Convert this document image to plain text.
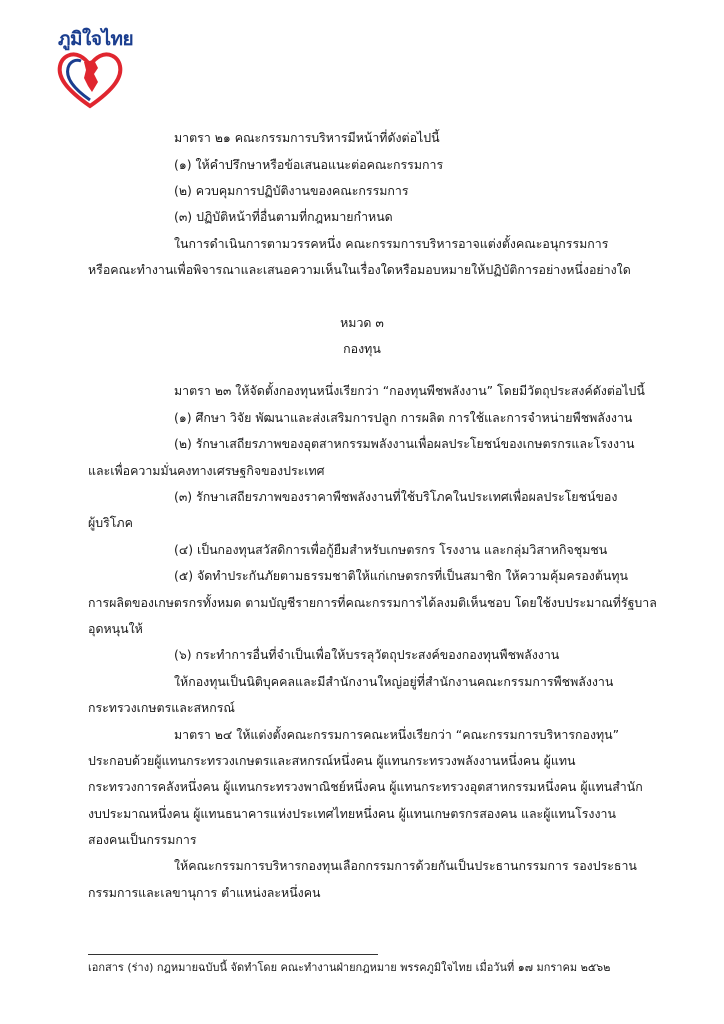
ภูมิใจไทย
มาตรา ๒๑ คณะกรรมการบริหารมีหน้าที่ดังต่อไปนี้
(๑) ให้คำปรึกษาหรือข้อเสนอแนะต่อคณะกรรมการ
(๒) ควบคุมการปฏิบัติงานของคณะกรรมการ
(๓) ปฏิบัติหน้าที่อื่นตามที่กฎหมายกำหนด
ในการดำเนินการตามวรรคหนึ่ง คณะกรรมการบริหารอาจแต่งตั้งคณะอนุกรรมการ
หรือคณะทำงานเพื่อพิจารณาและเสนอความเห็นในเรื่องใดหรือมอบหมายให้ปฏิบัติการอย่างหนึ่งอย่างใด
หมวด ๓
กองทุน
มาตรา ๒๓ ให้จัดตั้งกองทุนหนึ่งเรียกว่า “กองทุนพืชพลังงาน” โดยมีวัตถุประสงค์ดังต่อไปนี้
(๑) ศึกษา วิจัย พัฒนาและส่งเสริมการปลูก การผลิต การใช้และการจำหน่ายพืชพลังงาน
(๒) รักษาเสถียรภาพของอุตสาหกรรมพลังงานเพื่อผลประโยชน์ของเกษตรกรและโรงงาน
และเพื่อความมั่นคงทางเศรษฐกิจของประเทศ
(๓) รักษาเสถียรภาพของราคาพืชพลังงานที่ใช้บริโภคในประเทศเพื่อผลประโยชน์ของ
ผู้บริโภค
(๔) เป็นกองทุนสวัสดิการเพื่อกู้ยืมสำหรับเกษตรกร โรงงาน และกลุ่มวิสาหกิจชุมชน
(๕) จัดทำประกันภัยตามธรรมชาติให้แก่เกษตรกรที่เป็นสมาชิก ให้ความคุ้มครองต้นทุน
การผลิตของเกษตรกรทั้งหมด ตามบัญชีรายการที่คณะกรรมการได้ลงมติเห็นชอบ โดยใช้งบประมาณที่รัฐบาล
อุดหนุนให้
(๖) กระทำการอื่นที่จำเป็นเพื่อให้บรรลุวัตถุประสงค์ของกองทุนพืชพลังงาน
ให้กองทุนเป็นนิติบุคคลและมีสำนักงานใหญ่อยู่ที่สำนักงานคณะกรรมการพืชพลังงาน
กระทรวงเกษตรและสหกรณ์
มาตรา ๒๔ ให้แต่งตั้งคณะกรรมการคณะหนึ่งเรียกว่า “คณะกรรมการบริหารกองทุน”
ประกอบด้วยผู้แทนกระทรวงเกษตรและสหกรณ์หนึ่งคน ผู้แทนกระทรวงพลังงานหนึ่งคน ผู้แทน
กระทรวงการคลังหนึ่งคน ผู้แทนกระทรวงพาณิชย์หนึ่งคน ผู้แทนกระทรวงอุตสาหกรรมหนึ่งคน ผู้แทนสำนัก
งบประมาณหนึ่งคน ผู้แทนธนาคารแห่งประเทศไทยหนึ่งคน ผู้แทนเกษตรกรสองคน และผู้แทนโรงงาน
สองคนเป็นกรรมการ
ให้คณะกรรมการบริหารกองทุนเลือกกรรมการด้วยกันเป็นประธานกรรมการ รองประธาน
กรรมการและเลขานุการ ตำแหน่งละหนึ่งคน
เอกสาร (ร่าง) กฎหมายฉบับนี้ จัดทำโดย คณะทำงานฝ่ายกฎหมาย พรรคภูมิใจไทย เมื่อวันที่ ๑๗ มกราคม ๒๕๖๒
